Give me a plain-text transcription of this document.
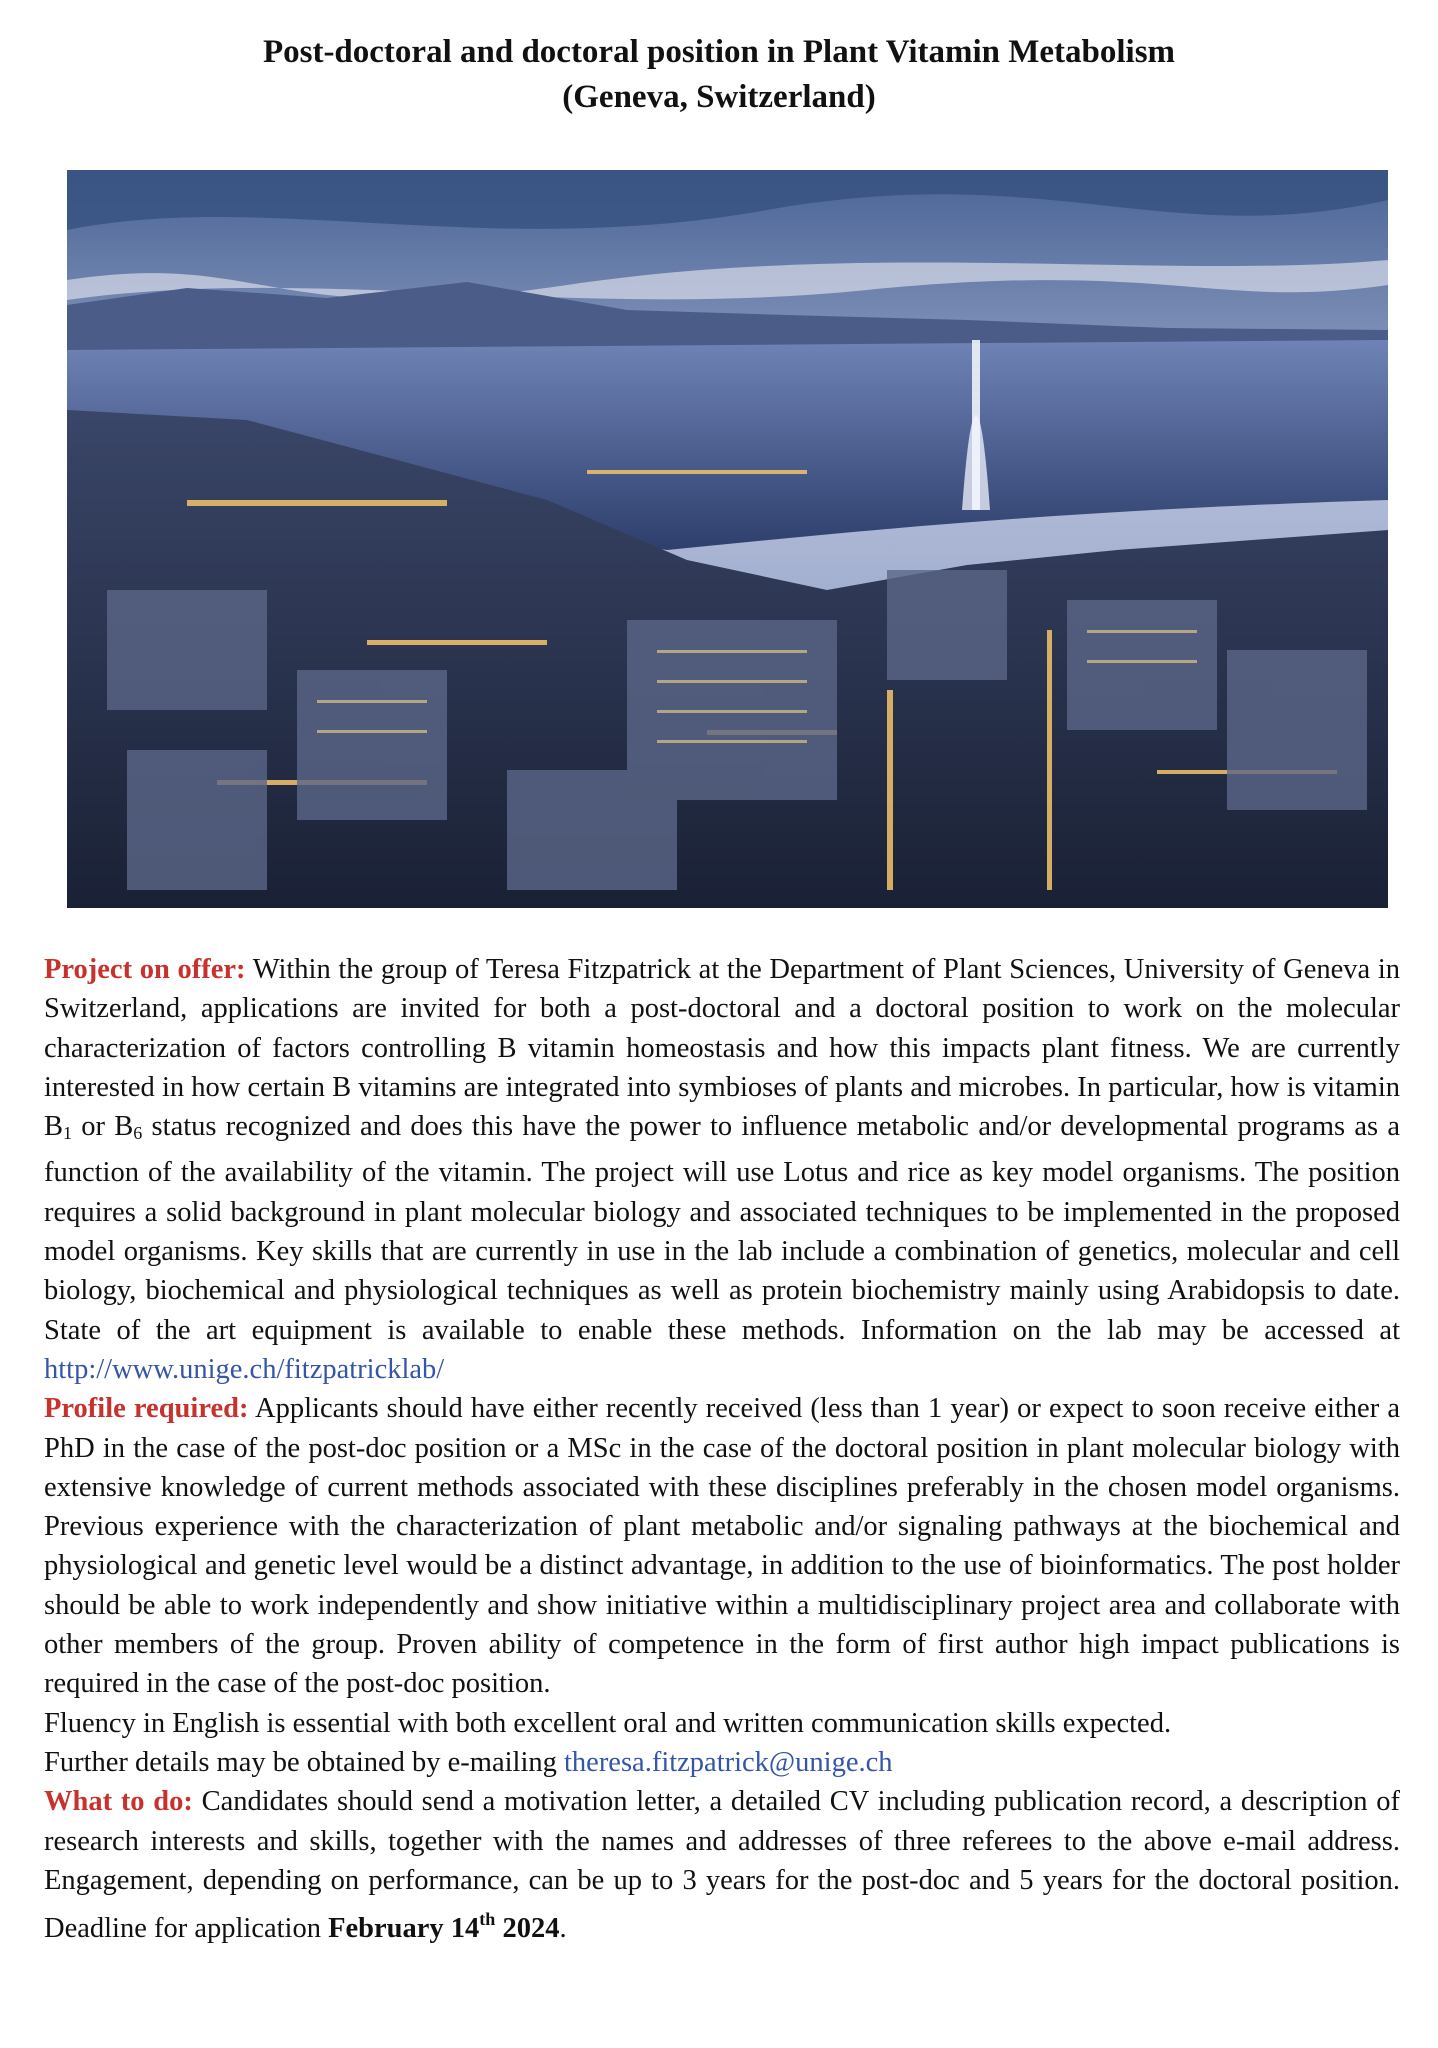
Post-doctoral and doctoral position in Plant Vitamin Metabolism
(Geneva, Switzerland)

Project on offer: Within the group of Teresa Fitzpatrick at the Department of Plant Sciences, University of Geneva in Switzerland, applications are invited for both a post-doctoral and a doctoral position to work on the molecular characterization of factors controlling B vitamin homeostasis and how this impacts plant fitness. We are currently interested in how certain B vitamins are integrated into symbioses of plants and microbes. In particular, how is vitamin $B_1$ or $B_6$ status recognized and does this have the power to influence metabolic and/or developmental programs as a function of the availability of the vitamin. The project will use Lotus and rice as key model organisms. The position requires a solid background in plant molecular biology and associated techniques to be implemented in the proposed model organisms. Key skills that are currently in use in the lab include a combination of genetics, molecular and cell biology, biochemical and physiological techniques as well as protein biochemistry mainly using Arabidopsis to date. State of the art equipment is available to enable these methods. Information on the lab may be accessed at http://www.unige.ch/fitzpatricklab/

Profile required: Applicants should have either recently received (less than 1 year) or expect to soon receive either a PhD in the case of the post-doc position or a MSc in the case of the doctoral position in plant molecular biology with extensive knowledge of current methods associated with these disciplines preferably in the chosen model organisms. Previous experience with the characterization of plant metabolic and/or signaling pathways at the biochemical and physiological and genetic level would be a distinct advantage, in addition to the use of bioinformatics. The post holder should be able to work independently and show initiative within a multidisciplinary project area and collaborate with other members of the group. Proven ability of competence in the form of first author high impact publications is required in the case of the post-doc position.

Fluency in English is essential with both excellent oral and written communication skills expected.

Further details may be obtained by e-mailing theresa.fitzpatrick@unige.ch

What to do: Candidates should send a motivation letter, a detailed CV including publication record, a description of research interests and skills, together with the names and addresses of three referees to the above e-mail address. Engagement, depending on performance, can be up to 3 years for the post-doc and 5 years for the doctoral position. Deadline for application February 14th 2024.
